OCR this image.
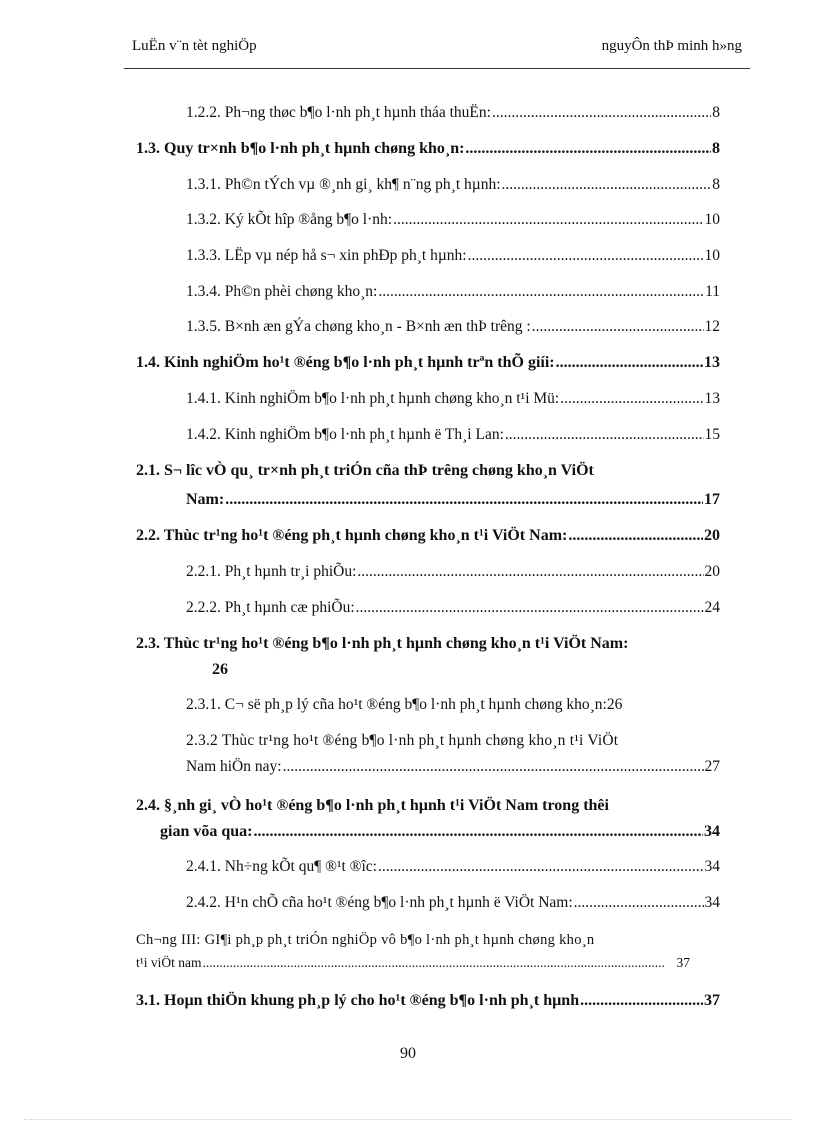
LuËn v¨n tèt nghiÖp	nguyÔn thÞ minh h»ng
1.2.2. Ph¬ng thøc b¶o l·nh ph¸t hµnh tháa thuËn: .....	8
1.3. Quy tr×nh b¶o l·nh ph¸t hµnh chøng kho¸n: .....	8
1.3.1. Ph©n tÝch vµ ®¸nh gi¸ kh¶ n¨ng ph¸t hµnh: .....	8
1.3.2. Ký kÕt hîp ®ång b¶o l·nh: .....	10
1.3.3. LËp vµ nép hå s¬ xin phÐp ph¸t hµnh: .....	10
1.3.4. Ph©n phèi chøng kho¸n: .....	11
1.3.5. B×nh æn gÝa chøng kho¸n - B×nh æn thÞ trêng : .....	12
1.4. Kinh nghiÖm ho¹t ®éng b¶o l·nh ph¸t hµnh trªn thÕ giíi: .....	13
1.4.1. Kinh nghiÖm b¶o l·nh ph¸t hµnh chøng kho¸n t¹i Mü: .....	13
1.4.2. Kinh nghiÖm b¶o l·nh ph¸t hµnh ë Th¸i Lan: .....	15
2.1. S¬ lîc vÒ qu¸ tr×nh ph¸t triÓn cña thÞ trêng chøng kho¸n ViÖt
Nam: .....	17
2.2. Thùc tr¹ng ho¹t ®éng ph¸t hµnh chøng kho¸n t¹i ViÖt Nam: .....	20
2.2.1. Ph¸t hµnh tr¸i phiÕu: .....	20
2.2.2. Ph¸t hµnh cæ phiÕu: .....	24
2.3. Thùc tr¹ng ho¹t ®éng b¶o l·nh ph¸t hµnh chøng kho¸n t¹i ViÖt Nam:
26
2.3.1. C¬ së ph¸p lý cña ho¹t ®éng b¶o l·nh ph¸t hµnh chøng kho¸n: 26
2.3.2 Thùc tr¹ng ho¹t ®éng b¶o l·nh ph¸t hµnh chøng kho¸n t¹i ViÖt
Nam hiÖn nay: .....	27
2.4. §¸nh gi¸ vÒ ho¹t ®éng b¶o l·nh ph¸t hµnh t¹i ViÖt Nam trong thêi
gian võa qua: .....	34
2.4.1. Nh÷ng kÕt qu¶ ®¹t ®îc: .....	34
2.4.2. H¹n chÕ cña ho¹t ®éng b¶o l·nh ph¸t hµnh ë ViÖt Nam: .....	34
Ch¬ng III: GI¶i ph¸p ph¸t triÓn nghiÖp vô b¶o l·nh ph¸t hµnh chøng kho¸n
t¹i viÖt nam .....	37
3.1. Hoµn thiÖn khung ph¸p lý cho ho¹t ®éng b¶o l·nh ph¸t hµnh .....	37
90
